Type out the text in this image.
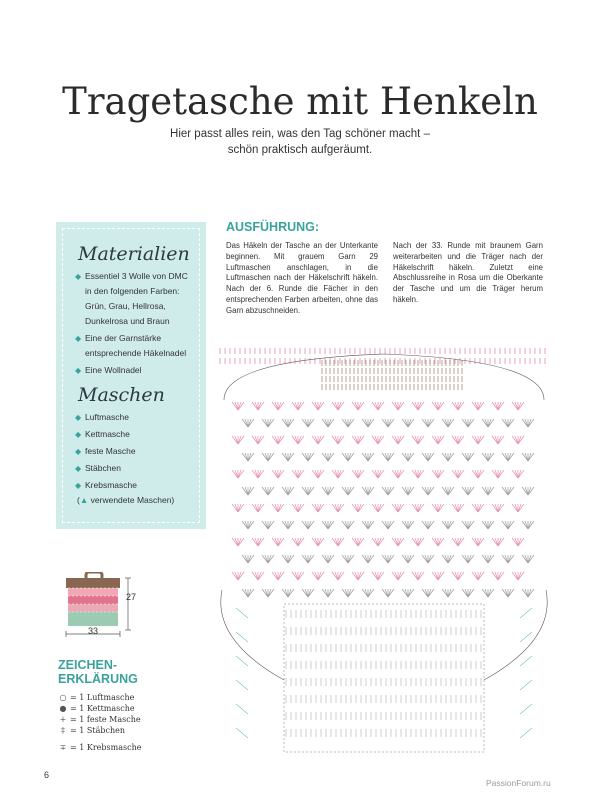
Tragetasche mit Henkeln
Hier passt alles rein, was den Tag schöner macht –
schön praktisch aufgeräumt.
Materialien
◆ Essentiel 3 Wolle von DMC in den folgenden Farben: Grün, Grau, Hellrosa, Dunkelrosa und Braun
◆ Eine der Garnstärke entsprechende Häkelnadel
◆ Eine Wollnadel
Maschen
◆ Luftmasche
◆ Kettmasche
◆ feste Masche
◆ Stäbchen
◆ Krebsmasche
(▲ verwendete Maschen)
27
33
ZEICHEN-
ERKLÄRUNG
○ = 1 Luftmasche
● = 1 Kettmasche
+ = 1 feste Masche
‡ = 1 Stäbchen
∓ = 1 Krebsmasche
AUSFÜHRUNG:
Das Häkeln der Tasche an der Unterkante beginnen. Mit grauem Garn 29 Luftmaschen anschlagen, in die Luftmaschen nach der Häkelschrift häkeln. Nach der 6. Runde die Fächer in den entsprechenden Farben arbeiten, ohne das Garn abzuschneiden.
Nach der 33. Runde mit braunem Garn weiterarbeiten und die Träger nach der Häkelschrift häkeln. Zuletzt eine Abschlussreihe in Rosa um die Oberkante der Tasche und um die Träger herum häkeln.
6
PassionForum.ru
